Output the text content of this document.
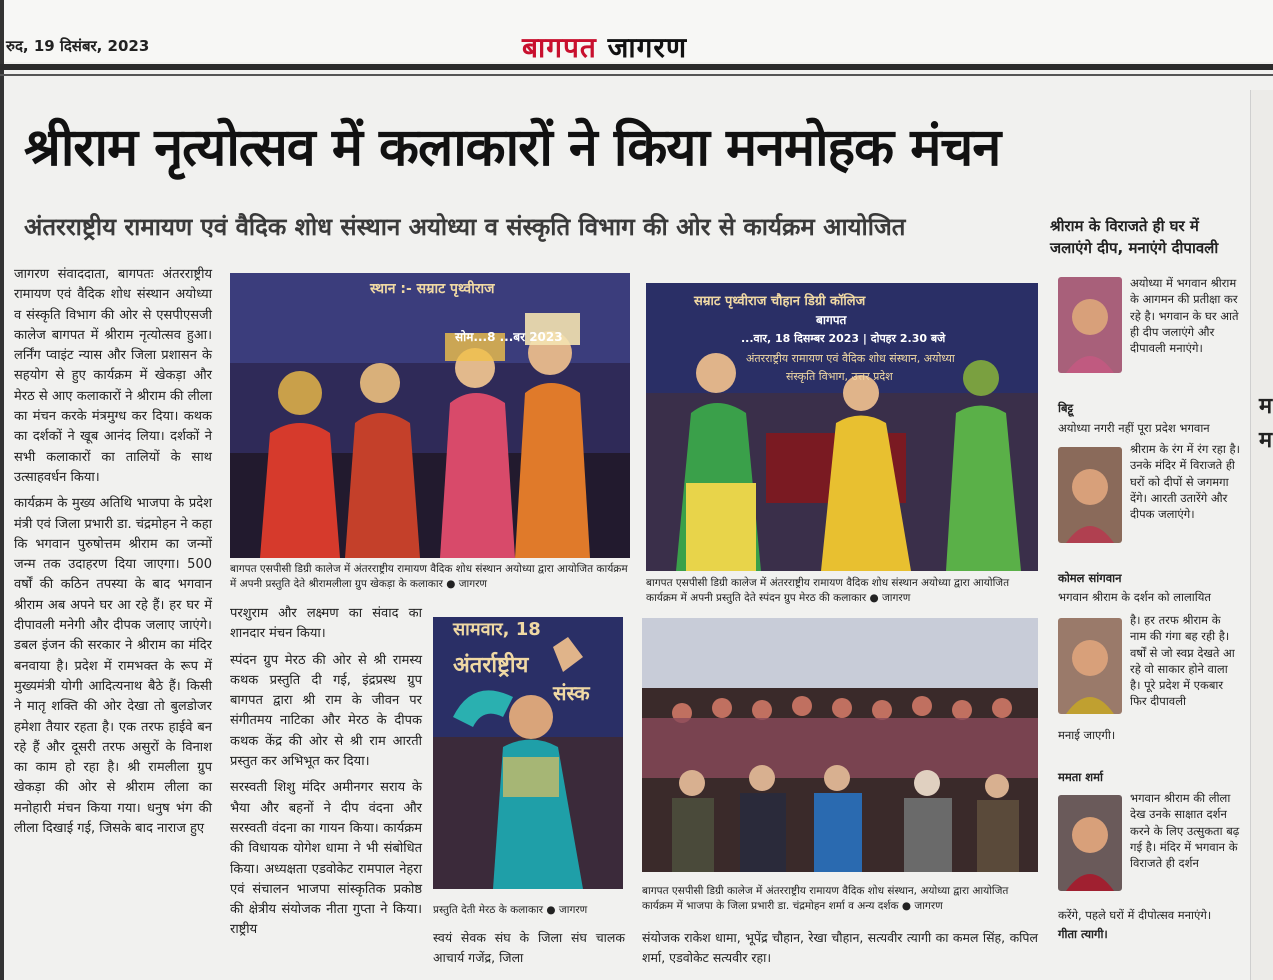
रुद, 19 दिसंबर, 2023	बागपत जागरण
श्रीराम नृत्योत्सव में कलाकारों ने किया मनमोहक मंचन
अंतरराष्ट्रीय रामायण एवं वैदिक शोध संस्थान अयोध्या व संस्कृति विभाग की ओर से कार्यक्रम आयोजित

जागरण संवाददाता, बागपतः अंतरराष्ट्रीय रामायण एवं वैदिक शोध संस्थान अयोध्या व संस्कृति विभाग की ओर से एसपीएसजी कालेज बागपत में श्रीराम नृत्योत्सव हुआ। लर्निंग प्वाइंट न्यास और जिला प्रशासन के सहयोग से हुए कार्यक्रम में खेकड़ा और मेरठ से आए कलाकारों ने श्रीराम की लीला का मंचन करके मंत्रमुग्ध कर दिया। कथक का दर्शकों ने खूब आनंद लिया। दर्शकों ने सभी कलाकारों का तालियों के साथ उत्साहवर्धन किया।

कार्यक्रम के मुख्य अतिथि भाजपा के प्रदेश मंत्री एवं जिला प्रभारी डा. चंद्रमोहन ने कहा कि भगवान पुरुषोत्तम श्रीराम का जन्मों जन्म तक उदाहरण दिया जाएगा। 500 वर्षों की कठिन तपस्या के बाद भगवान श्रीराम अब अपने घर आ रहे हैं। हर घर में दीपावली मनेगी और दीपक जलाए जाएंगे। डबल इंजन की सरकार ने श्रीराम का मंदिर बनवाया है। प्रदेश में रामभक्त के रूप में मुख्यमंत्री योगी आदित्यनाथ बैठे हैं। किसी ने मातृ शक्ति की ओर देखा तो बुलडोजर हमेशा तैयार रहता है। एक तरफ हाईवे बन रहे हैं और दूसरी तरफ असुरों के विनाश का काम हो रहा है। श्री रामलीला ग्रुप खेकड़ा की ओर से श्रीराम लीला का मनोहारी मंचन किया गया। धनुष भंग की लीला दिखाई गई, जिसके बाद नाराज हुए

स्थान :- सम्राट पृथ्वीराज
सोम...8 ...बर 2023
बागपत एसपीसी डिग्री कालेज में अंतरराष्ट्रीय रामायण वैदिक शोध संस्थान अयोध्या द्वारा आयोजित कार्यक्रम में अपनी प्रस्तुति देते श्रीरामलीला ग्रुप खेकड़ा के कलाकार ● जागरण
सम्राट पृथ्वीराज चौहान डिग्री कॉलिज
बागपत
...वार, 18 दिसम्बर 2023 | दोपहर 2.30 बजे
अंतरराष्ट्रीय रामायण एवं वैदिक शोध संस्थान, अयोध्या
संस्कृति विभाग, उत्तर प्रदेश
बागपत एसपीसी डिग्री कालेज में अंतरराष्ट्रीय रामायण वैदिक शोध संस्थान अयोध्या द्वारा आयोजित कार्यक्रम में अपनी प्रस्तुति देते स्पंदन ग्रुप मेरठ की कलाकार ● जागरण

परशुराम और लक्ष्मण का संवाद का शानदार मंचन किया।

स्पंदन ग्रुप मेरठ की ओर से श्री रामस्य कथक प्रस्तुति दी गई, इंद्रप्रस्थ ग्रुप बागपत द्वारा श्री राम के जीवन पर संगीतमय नाटिका और मेरठ के दीपक कथक केंद्र की ओर से श्री राम आरती प्रस्तुत कर अभिभूत कर दिया।

सरस्वती शिशु मंदिर अमीनगर सराय के भैया और बहनों ने दीप वंदना और सरस्वती वंदना का गायन किया। कार्यक्रम की विधायक योगेश धामा ने भी संबोधित किया। अध्यक्षता एडवोकेट रामपाल नेहरा एवं संचालन भाजपा सांस्कृतिक प्रकोष्ठ की क्षेत्रीय संयोजक नीता गुप्ता ने किया। राष्ट्रीय

सामवार, 18
अंतर्राष्ट्रीय
संस्क
प्रस्तुति देती मेरठ के कलाकार ● जागरण
बागपत एसपीसी डिग्री कालेज में अंतरराष्ट्रीय रामायण वैदिक शोध संस्थान, अयोध्या द्वारा आयोजित कार्यक्रम में भाजपा के जिला प्रभारी डा. चंद्रमोहन शर्मा व अन्य दर्शक ● जागरण
स्वयं सेवक संघ के जिला संघ चालक आचार्य गजेंद्र, जिला
संयोजक राकेश धामा, भूपेंद्र चौहान, रेखा चौहान, सत्यवीर त्यागी का कमल सिंह, कपिल शर्मा, एडवोकेट सत्यवीर रहा।
श्रीराम के विराजते ही घर में
जलाएंगे दीप, मनाएंगे दीपावली
अयोध्या में भगवान श्रीराम के आगमन की प्रतीक्षा कर रहे है। भगवान के घर आते ही दीप जलाएंगे और दीपावली मनाएंगे।
बिट्टू
अयोध्या नगरी नहीं पूरा प्रदेश भगवान
श्रीराम के रंग में रंग रहा है। उनके मंदिर में विराजते ही घरों को दीपों से जगमगा देंगे। आरती उतारेंगे और दीपक जलाएंगे।
कोमल सांगवान
भगवान श्रीराम के दर्शन को लालायित
है। हर तरफ श्रीराम के नाम की गंगा बह रही है। वर्षों से जो स्वप्न देखते आ रहे वो साकार होने वाला है। पूरे प्रदेश में एकबार फिर दीपावली
मनाई जाएगी।
ममता शर्मा
भगवान श्रीराम की लीला देख उनके साक्षात दर्शन करने के लिए उत्सुकता बढ़ गई है। मंदिर में भगवान के विराजते ही दर्शन
करेंगे, पहले घरों में दीपोत्सव मनाएंगे।
गीता त्यागी।
म
म
